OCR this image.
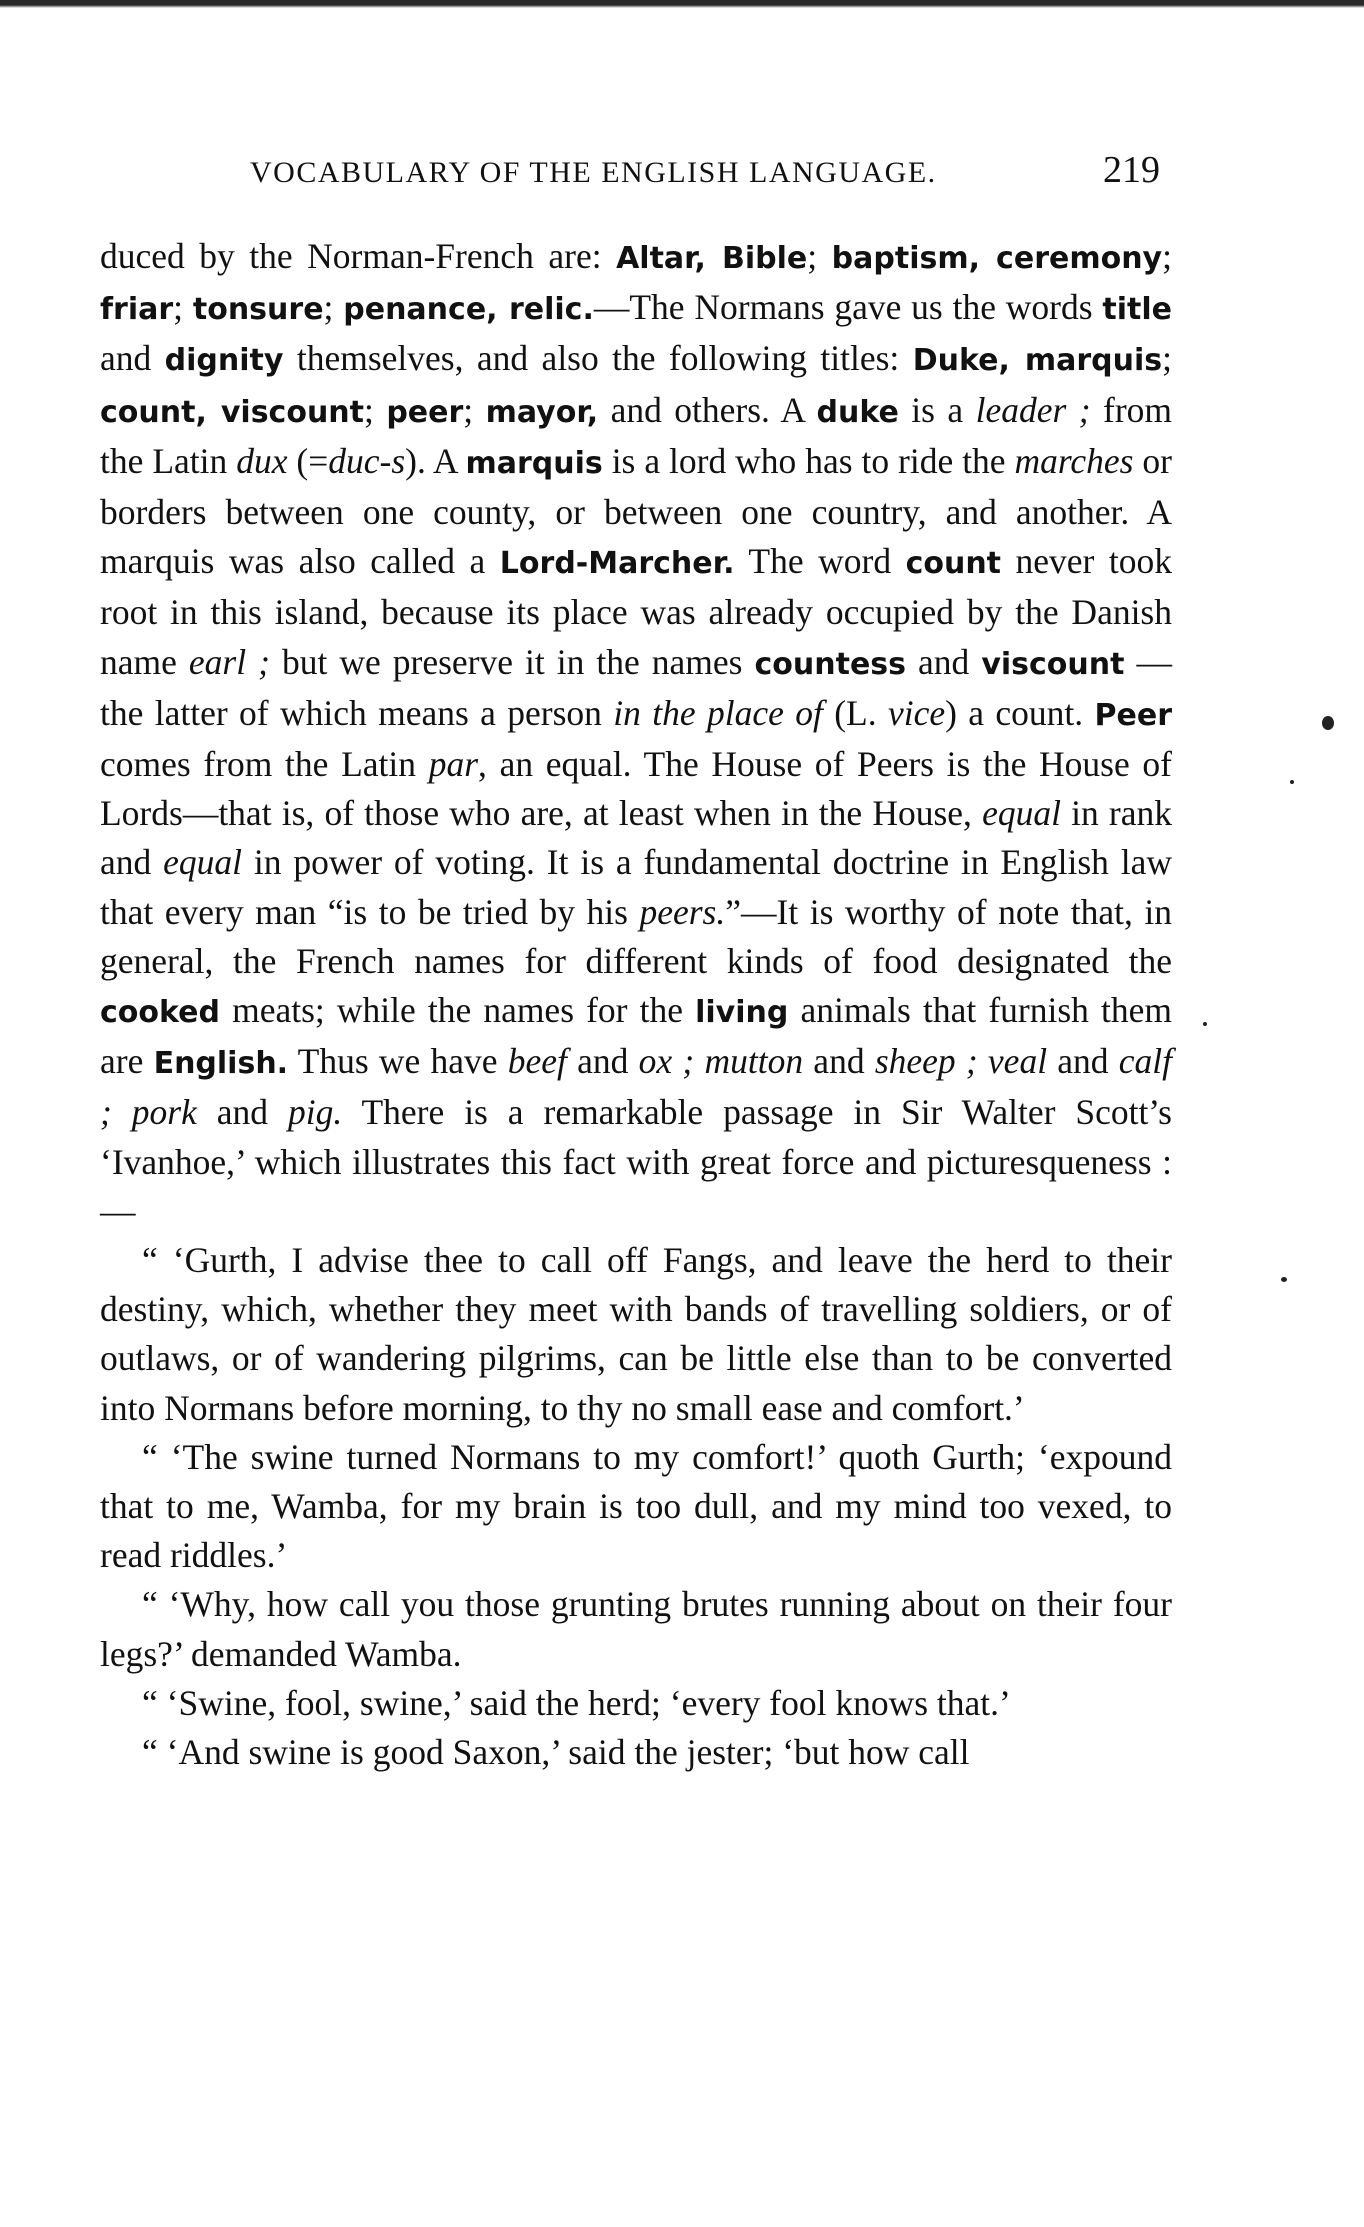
VOCABULARY OF THE ENGLISH LANGUAGE.	219

duced by the Norman-French are: Altar, Bible; baptism, ceremony; friar; tonsure; penance, relic.—The Normans gave us the words title and dignity themselves, and also the following titles: Duke, marquis; count, viscount; peer; mayor, and others. A duke is a leader ; from the Latin dux (=duc-s). A marquis is a lord who has to ride the marches or borders between one county, or between one country, and another. A marquis was also called a Lord-Marcher. The word count never took root in this island, because its place was already occupied by the Danish name earl ; but we preserve it in the names countess and viscount —the latter of which means a person in the place of (L. vice) a count. Peer comes from the Latin par, an equal. The House of Peers is the House of Lords—that is, of those who are, at least when in the House, equal in rank and equal in power of voting. It is a fundamental doctrine in English law that every man “is to be tried by his peers.”—It is worthy of note that, in general, the French names for different kinds of food designated the cooked meats; while the names for the living animals that furnish them are English. Thus we have beef and ox ; mutton and sheep ; veal and calf ; pork and pig. There is a remarkable passage in Sir Walter Scott’s ‘Ivanhoe,’ which illustrates this fact with great force and picturesqueness :—

“ ‘Gurth, I advise thee to call off Fangs, and leave the herd to their destiny, which, whether they meet with bands of travelling soldiers, or of outlaws, or of wandering pilgrims, can be little else than to be converted into Normans before morning, to thy no small ease and comfort.’

“ ‘The swine turned Normans to my comfort!’ quoth Gurth; ‘expound that to me, Wamba, for my brain is too dull, and my mind too vexed, to read riddles.’

“ ‘Why, how call you those grunting brutes running about on their four legs?’ demanded Wamba.

“ ‘Swine, fool, swine,’ said the herd; ‘every fool knows that.’

“ ‘And swine is good Saxon,’ said the jester; ‘but how call
